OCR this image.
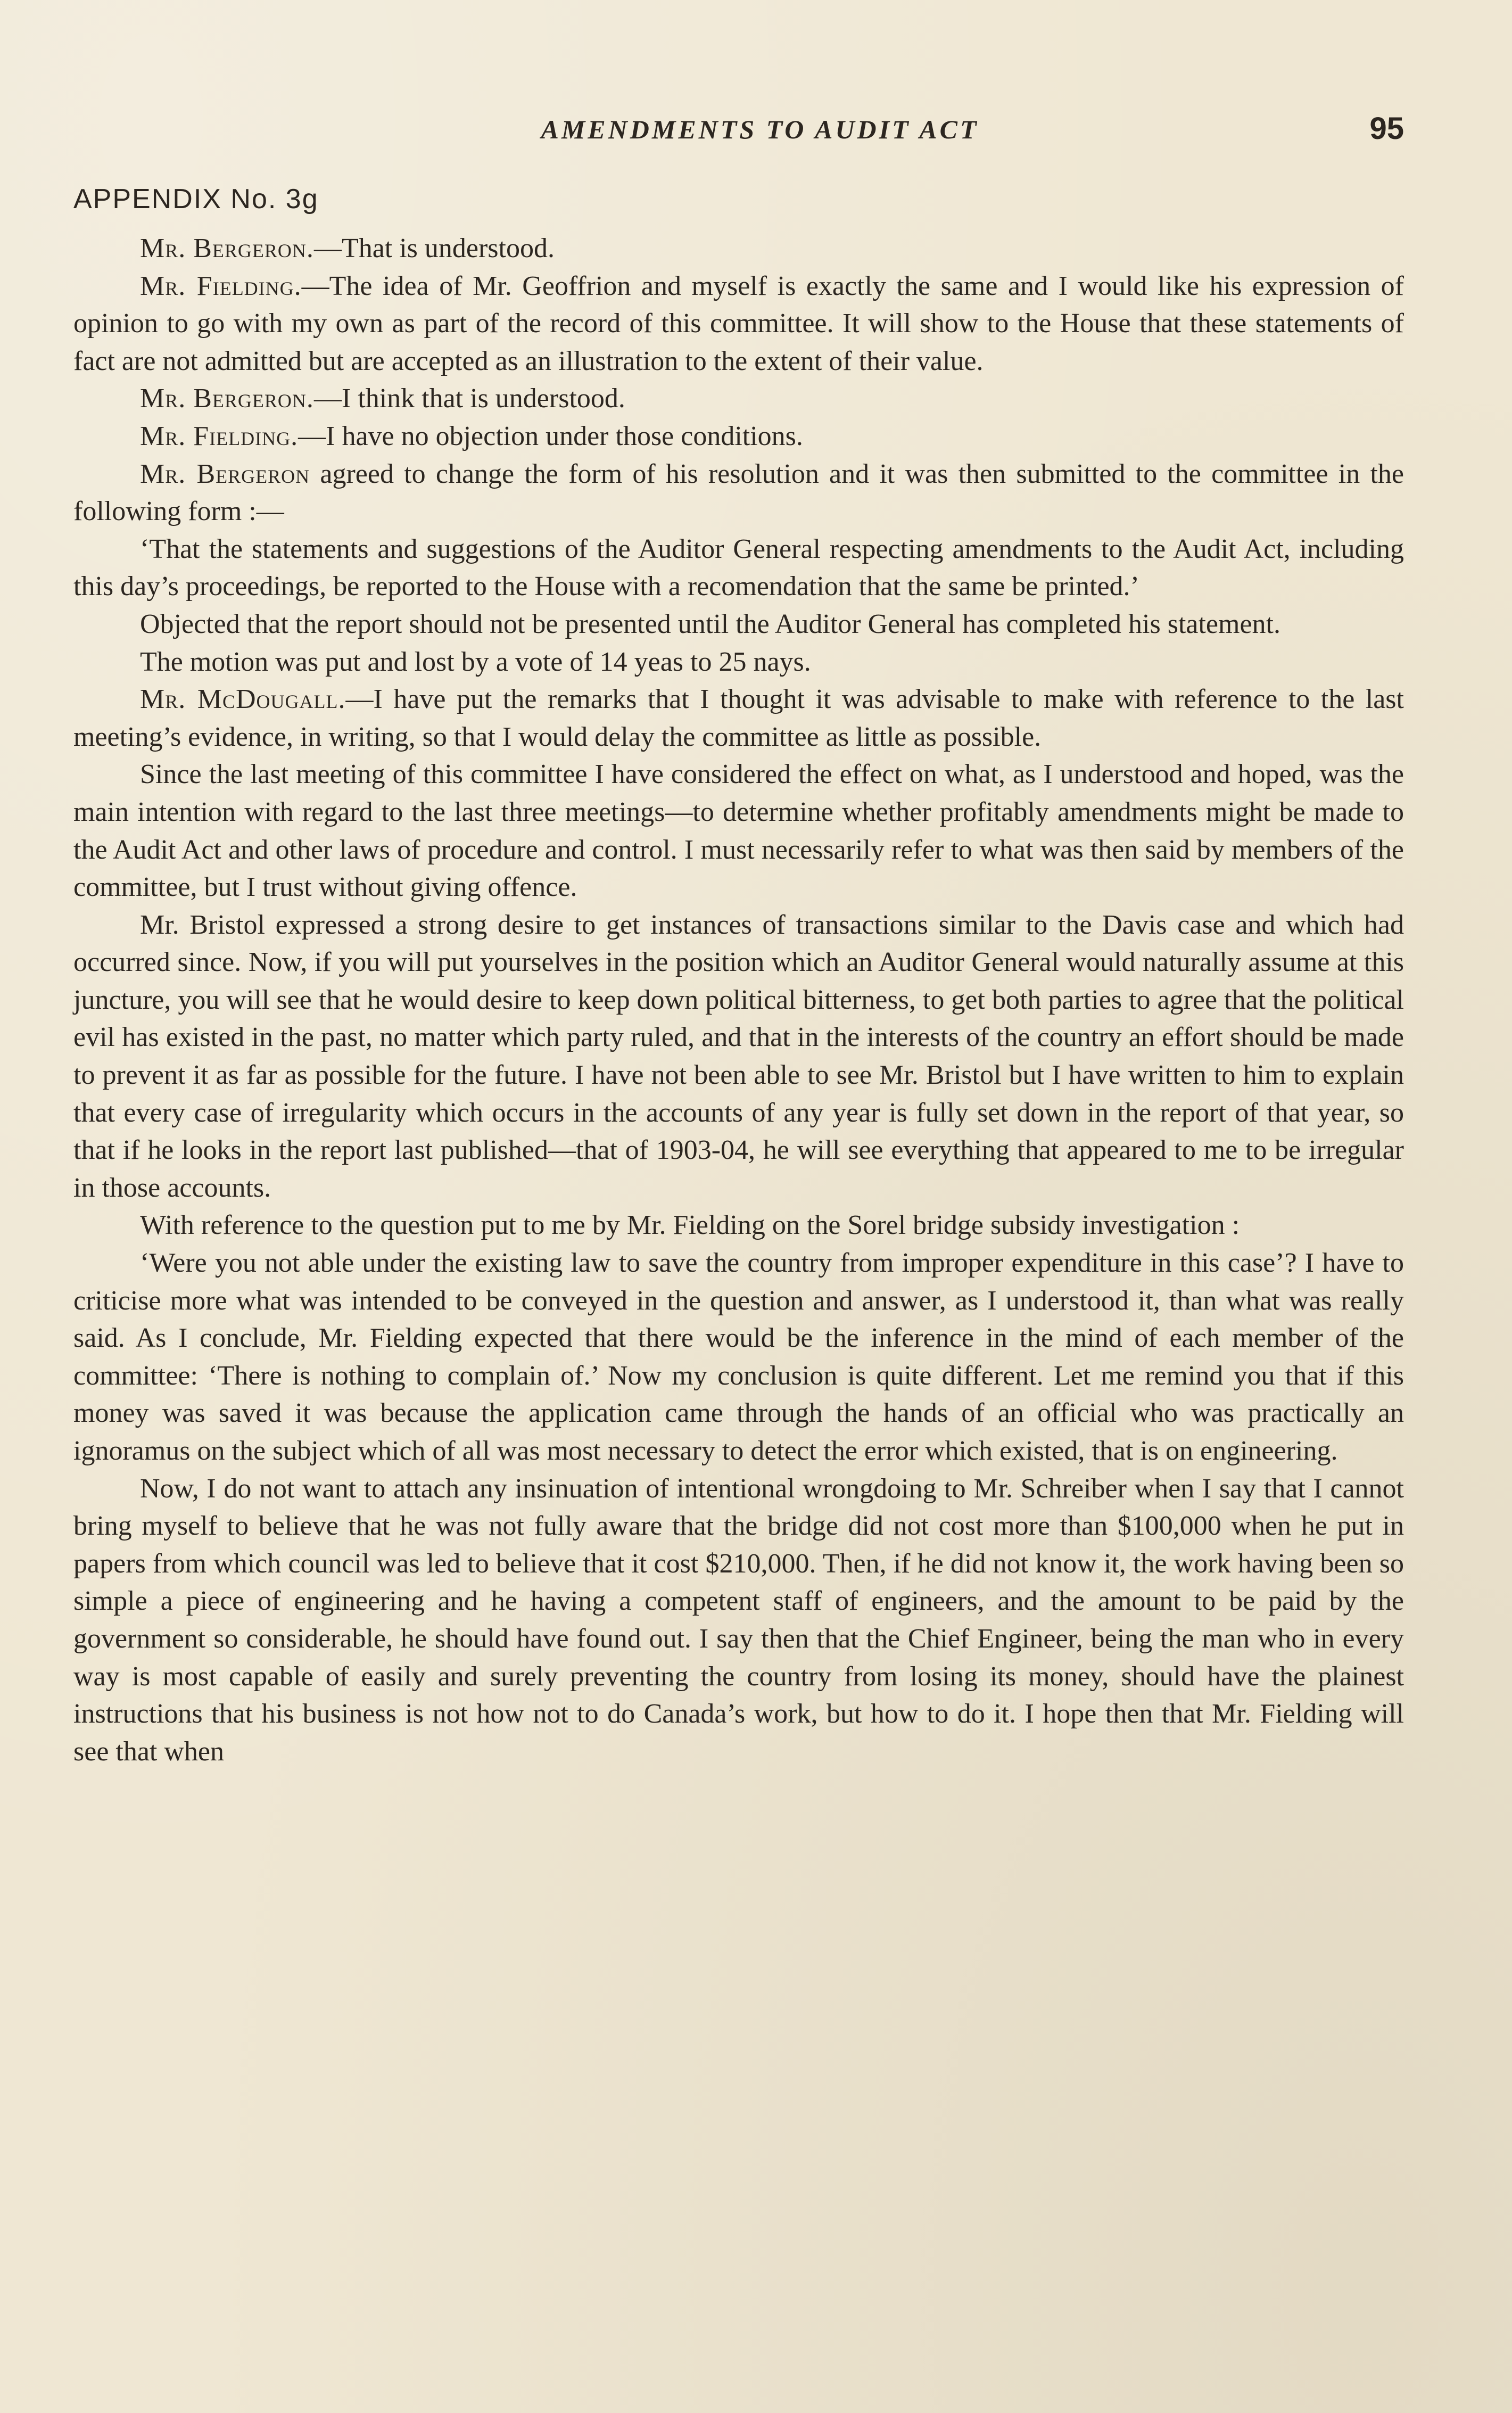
AMENDMENTS TO AUDIT ACT	95
APPENDIX No. 3g

Mr. Bergeron.—That is understood.

Mr. Fielding.—The idea of Mr. Geoffrion and myself is exactly the same and I would like his expression of opinion to go with my own as part of the record of this committee. It will show to the House that these statements of fact are not admitted but are accepted as an illustration to the extent of their value.

Mr. Bergeron.—I think that is understood.

Mr. Fielding.—I have no objection under those conditions.

Mr. Bergeron agreed to change the form of his resolution and it was then submitted to the committee in the following form :—

‘That the statements and suggestions of the Auditor General respecting amendments to the Audit Act, including this day’s proceedings, be reported to the House with a recomendation that the same be printed.’

Objected that the report should not be presented until the Auditor General has completed his statement.

The motion was put and lost by a vote of 14 yeas to 25 nays.

Mr. McDougall.—I have put the remarks that I thought it was advisable to make with reference to the last meeting’s evidence, in writing, so that I would delay the committee as little as possible.

Since the last meeting of this committee I have considered the effect on what, as I understood and hoped, was the main intention with regard to the last three meetings—to determine whether profitably amendments might be made to the Audit Act and other laws of procedure and control. I must necessarily refer to what was then said by members of the committee, but I trust without giving offence.

Mr. Bristol expressed a strong desire to get instances of transactions similar to the Davis case and which had occurred since. Now, if you will put yourselves in the position which an Auditor General would naturally assume at this juncture, you will see that he would desire to keep down political bitterness, to get both parties to agree that the political evil has existed in the past, no matter which party ruled, and that in the interests of the country an effort should be made to prevent it as far as possible for the future. I have not been able to see Mr. Bristol but I have written to him to explain that every case of irregularity which occurs in the accounts of any year is fully set down in the report of that year, so that if he looks in the report last published—that of 1903-04, he will see everything that appeared to me to be irregular in those accounts.

With reference to the question put to me by Mr. Fielding on the Sorel bridge subsidy investigation :

‘Were you not able under the existing law to save the country from improper expenditure in this case’? I have to criticise more what was intended to be conveyed in the question and answer, as I understood it, than what was really said. As I conclude, Mr. Fielding expected that there would be the inference in the mind of each member of the committee: ‘There is nothing to complain of.’ Now my conclusion is quite different. Let me remind you that if this money was saved it was because the application came through the hands of an official who was practically an ignoramus on the subject which of all was most necessary to detect the error which existed, that is on engineering.

Now, I do not want to attach any insinuation of intentional wrongdoing to Mr. Schreiber when I say that I cannot bring myself to believe that he was not fully aware that the bridge did not cost more than $100,000 when he put in papers from which council was led to believe that it cost $210,000. Then, if he did not know it, the work having been so simple a piece of engineering and he having a competent staff of engineers, and the amount to be paid by the government so considerable, he should have found out. I say then that the Chief Engineer, being the man who in every way is most capable of easily and surely preventing the country from losing its money, should have the plainest instructions that his business is not how not to do Canada’s work, but how to do it. I hope then that Mr. Fielding will see that when
